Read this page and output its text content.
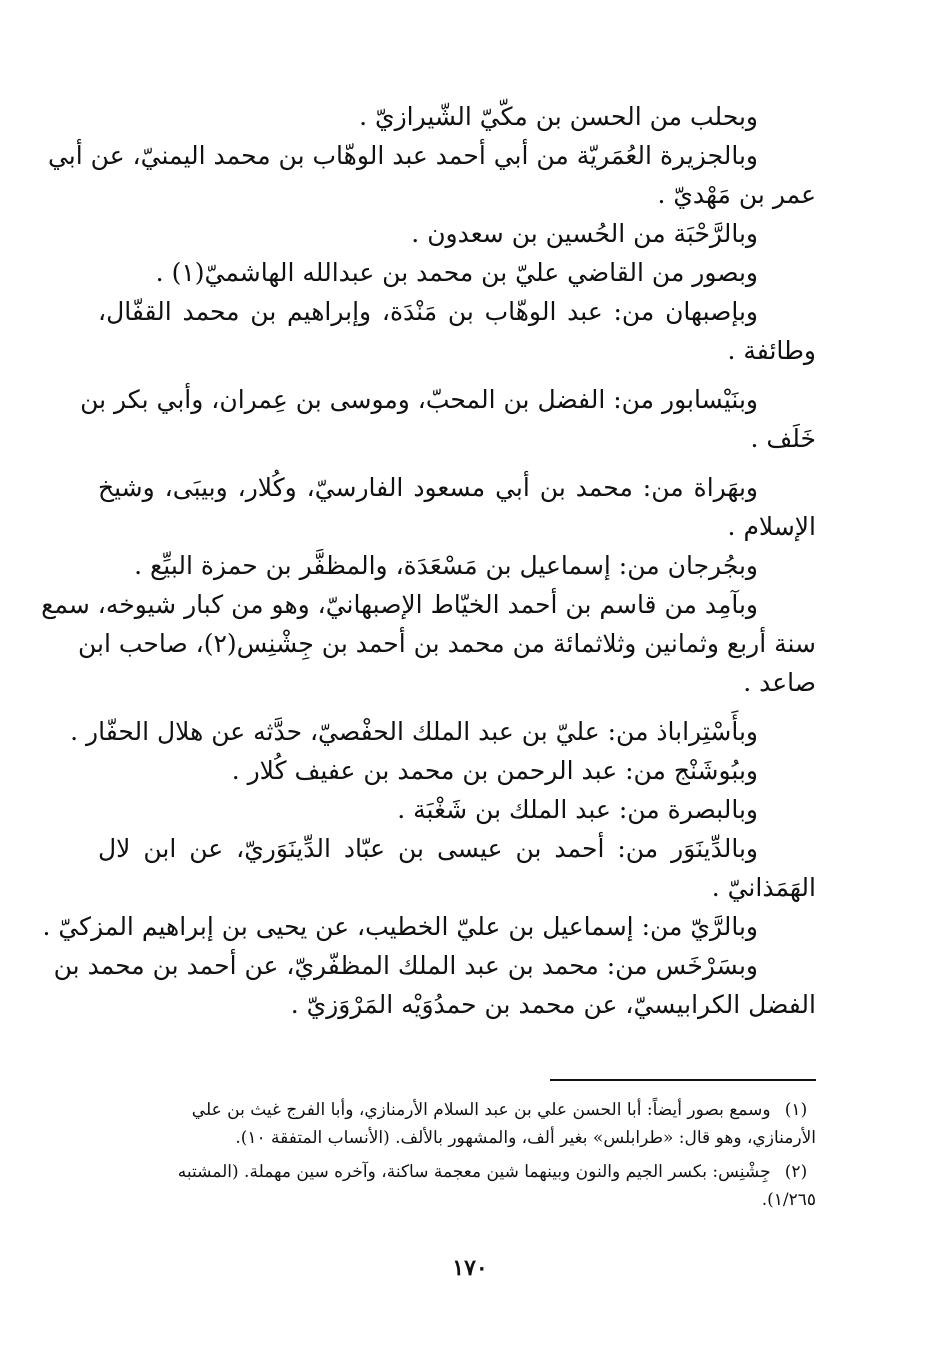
وبحلب من الحسن بن مكّيّ الشّيرازيّ .
وبالجزيرة العُمَريّة من أبي أحمد عبد الوهّاب بن محمد اليمنيّ، عن أبي
عمر بن مَهْديّ .
وبالرَّحْبَة من الحُسين بن سعدون .
وبصور من القاضي عليّ بن محمد بن عبدالله الهاشميّ(١) .
وبإصبهان من: عبد الوهّاب بن مَنْدَة، وإبراهيم بن محمد القفّال،
وطائفة .
وبنَيْسابور من: الفضل بن المحبّ، وموسى بن عِمران، وأبي بكر بن
خَلَف .
وبهَراة من: محمد بن أبي مسعود الفارسيّ، وكُلار، وبيبَى، وشيخ
الإسلام .
وبجُرجان من: إسماعيل بن مَسْعَدَة، والمظفَّر بن حمزة البيِّع .
وبآمِد من قاسم بن أحمد الخيّاط الإصبهانيّ، وهو من كبار شيوخه، سمع
سنة أربع وثمانين وثلاثمائة من محمد بن أحمد بن جِشْنِس(٢)، صاحب ابن
صاعد .
وبأَسْتِراباذ من: عليّ بن عبد الملك الحفْصيّ، حدَّثه عن هلال الحفّار .
وببُوشَنْج من: عبد الرحمن بن محمد بن عفيف كُلار .
وبالبصرة من: عبد الملك بن شَغْبَة .
وبالدِّينَوَر من: أحمد بن عيسى بن عبّاد الدِّينَوَريّ، عن ابن لال
الهَمَذانيّ .
وبالرَّيّ من: إسماعيل بن عليّ الخطيب، عن يحيى بن إبراهيم المزكيّ .
وبسَرْخَس من: محمد بن عبد الملك المظفّريّ، عن أحمد بن محمد بن
الفضل الكرابيسيّ، عن محمد بن حمدُوَيْه المَرْوَزيّ .
(١) وسمع بصور أيضاً: أبا الحسن علي بن عبد السلام الأرمنازي، وأبا الفرج غيث بن علي
الأرمنازي، وهو قال: «طرابلس» بغير ألف، والمشهور بالألف. (الأنساب المتفقة ١٠).
(٢) جِشْنِس: بكسر الجيم والنون وبينهما شين معجمة ساكنة، وآخره سين مهملة. (المشتبه
١/٢٦٥).
١٧٠
